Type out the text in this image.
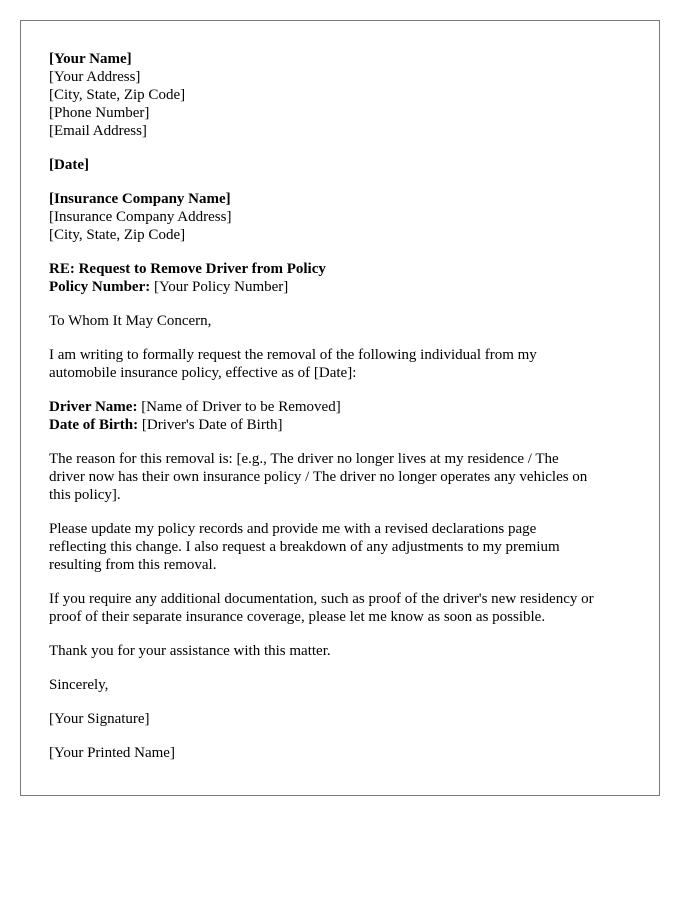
[Your Name]
[Your Address]
[City, State, Zip Code]
[Phone Number]
[Email Address]
[Date]
[Insurance Company Name]
[Insurance Company Address]
[City, State, Zip Code]
RE: Request to Remove Driver from Policy
Policy Number: [Your Policy Number]
To Whom It May Concern,
I am writing to formally request the removal of the following individual from my
automobile insurance policy, effective as of [Date]:
Driver Name: [Name of Driver to be Removed]
Date of Birth: [Driver's Date of Birth]
The reason for this removal is: [e.g., The driver no longer lives at my residence / The
driver now has their own insurance policy / The driver no longer operates any vehicles on
this policy].
Please update my policy records and provide me with a revised declarations page
reflecting this change. I also request a breakdown of any adjustments to my premium
resulting from this removal.
If you require any additional documentation, such as proof of the driver's new residency or
proof of their separate insurance coverage, please let me know as soon as possible.
Thank you for your assistance with this matter.
Sincerely,
[Your Signature]
[Your Printed Name]
